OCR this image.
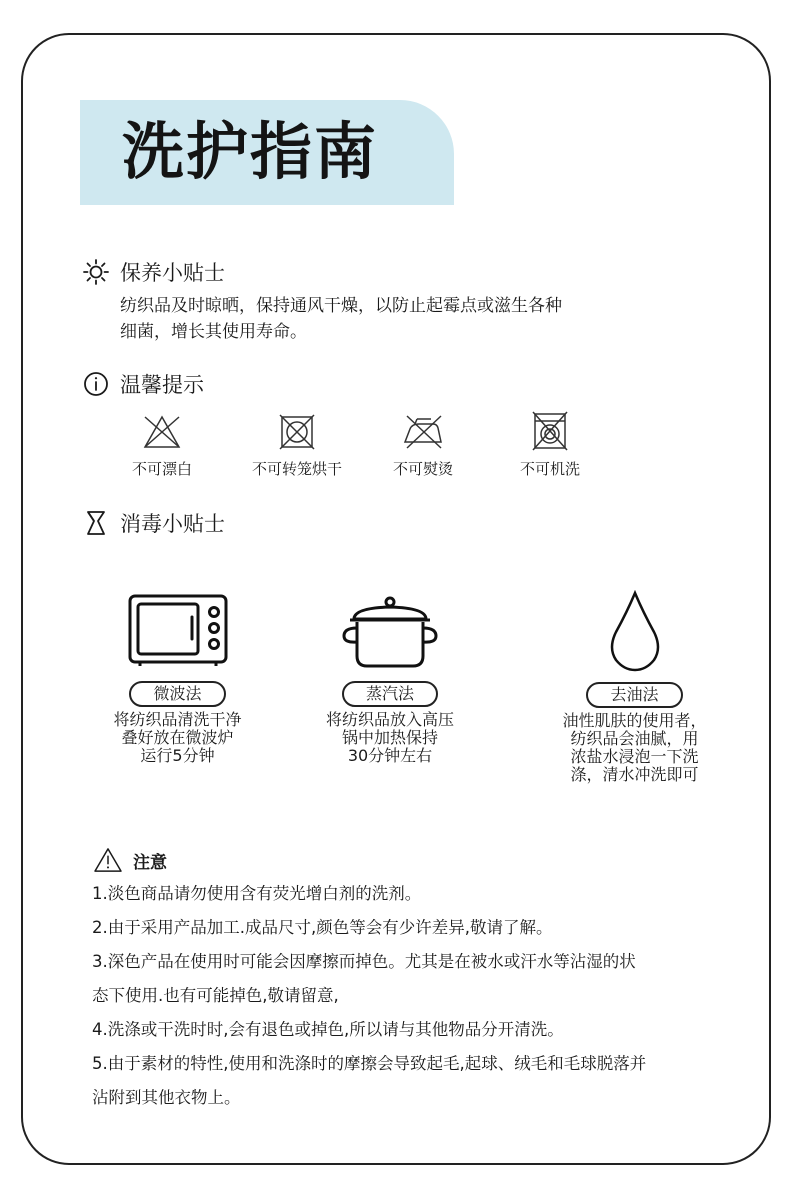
洗护指南
保养小贴士
纺织品及时晾晒，保持通风干燥，以防止起霉点或滋生各种
细菌，增长其使用寿命。
温馨提示
不可漂白	不可转笼烘干	不可熨烫	不可机洗
消毒小贴士
微波法
将纺织品清洗干净
叠好放在微波炉
运行5分钟
蒸汽法
将纺织品放入高压
锅中加热保持
30分钟左右
去油法
油性肌肤的使用者，
纺织品会油腻，用
浓盐水浸泡一下洗
涤，清水冲洗即可
注意

1.淡色商品请勿使用含有荧光增白剂的洗剂。

2.由于采用产品加工.成品尺寸,颜色等会有少许差异,敬请了解。

3.深色产品在使用时可能会因摩擦而掉色。尤其是在被水或汗水等沾湿的状

态下使用.也有可能掉色,敬请留意,

4.洗涤或干洗时时,会有退色或掉色,所以请与其他物品分开清洗。

5.由于素材的特性,使用和洗涤时的摩擦会导致起毛,起球、绒毛和毛球脱落并

沾附到其他衣物上。
